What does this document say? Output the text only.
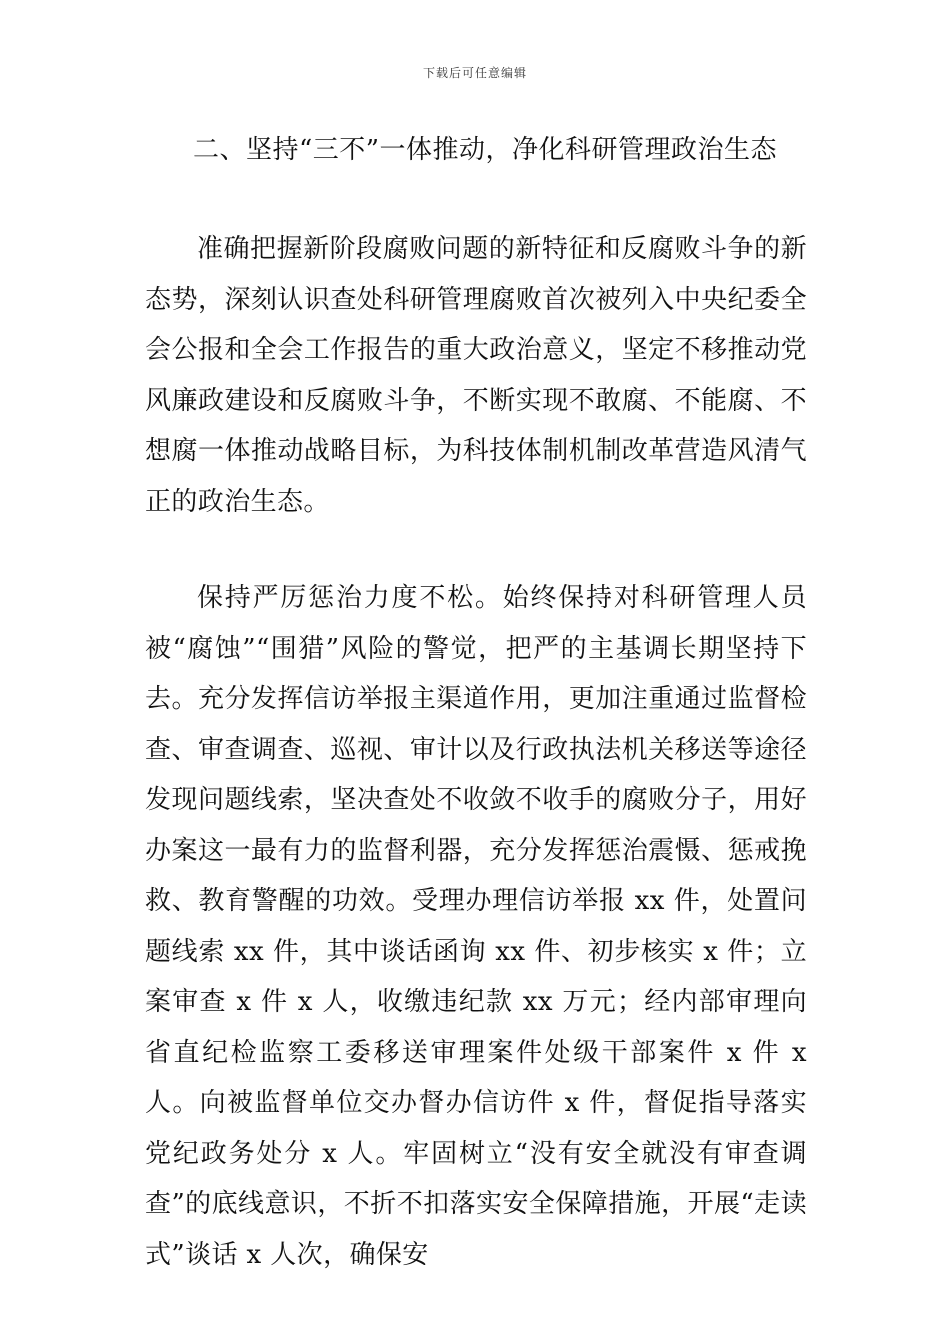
下载后可任意编辑
二、坚持“三不”一体推动，净化科研管理政治生态

准确把握新阶段腐败问题的新特征和反腐败斗争的新态势，深刻认识查处科研管理腐败首次被列入中央纪委全会公报和全会工作报告的重大政治意义，坚定不移推动党风廉政建设和反腐败斗争，不断实现不敢腐、不能腐、不想腐一体推动战略目标，为科技体制机制改革营造风清气正的政治生态。

保持严厉惩治力度不松。始终保持对科研管理人员被“腐蚀”“围猎”风险的警觉，把严的主基调长期坚持下去。充分发挥信访举报主渠道作用，更加注重通过监督检查、审查调查、巡视、审计以及行政执法机关移送等途径发现问题线索，坚决查处不收敛不收手的腐败分子，用好办案这一最有力的监督利器，充分发挥惩治震慑、惩戒挽救、教育警醒的功效。受理办理信访举报 xx 件，处置问题线索 xx 件，其中谈话函询 xx 件、初步核实 x 件；立案审查 x 件 x 人，收缴违纪款 xx 万元；经内部审理向省直纪检监察工委移送审理案件处级干部案件 x 件 x 人。向被监督单位交办督办信访件 x 件，督促指导落实党纪政务处分 x 人。牢固树立“没有安全就没有审查调查”的底线意识，不折不扣落实安全保障措施，开展“走读式”谈话 x 人次，确保安
